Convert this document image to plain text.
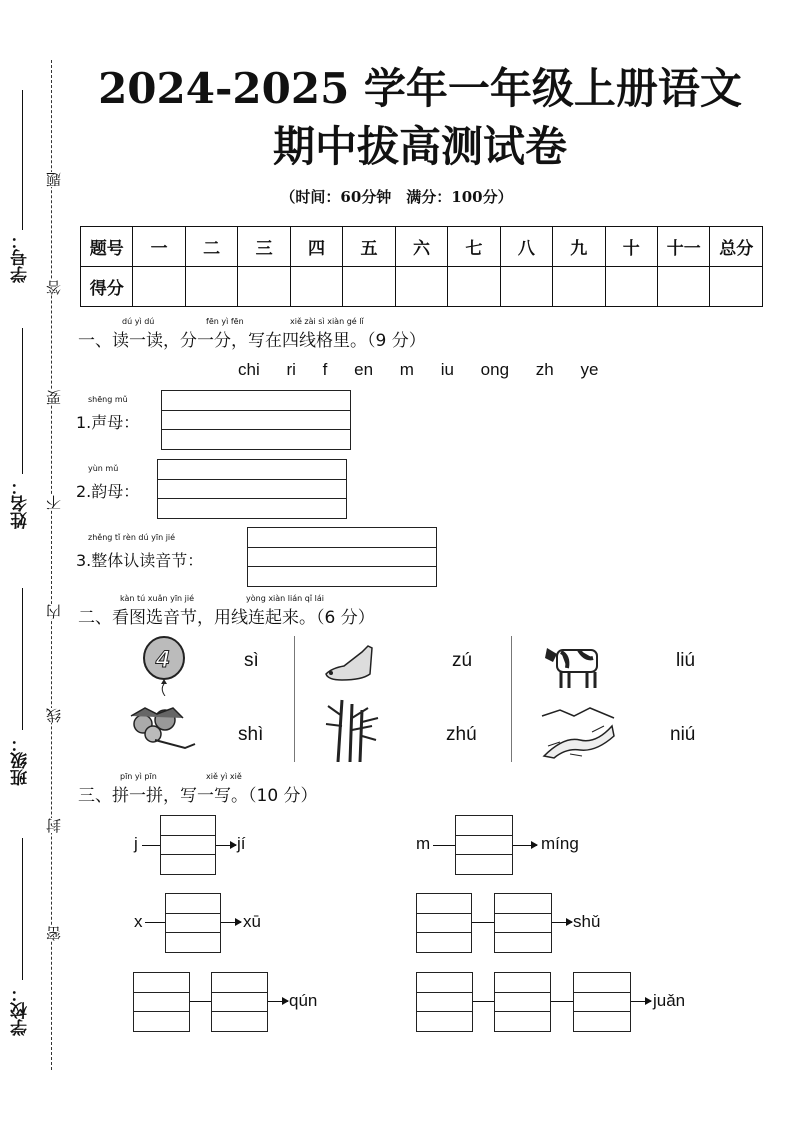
学号：
姓名：
班级：
学校：
题
答
要
不
内
线
封
密
2024-2025 学年一年级上册语文
期中拔高测试卷
（时间：60分钟　满分：100分）
题号	一	二	三	四	五	六	七	八	九	十	十一	总分
得分												
一、读一读，分一分，写在四线格里。（9 分）
dú yì dú	fēn yì fēn	xiě zài sì xiàn gé lǐ
chi ri f en m iu ong zh ye
shēng mǔ
1.声母：
yùn mǔ
2.韵母：
zhěng tǐ rèn dú yīn jié
3.整体认读音节：
二、看图选音节，用线连起来。（6 分）
kàn tú xuǎn yīn jié	yòng xiàn lián qǐ lái
4	sì
shì
zú
zhú
liú
niú
三、拼一拼，写一写。（10 分）
pīn yì pīn	xiě yì xiě
j	jí	m	míng
x	xū	shǔ
qún	juǎn
